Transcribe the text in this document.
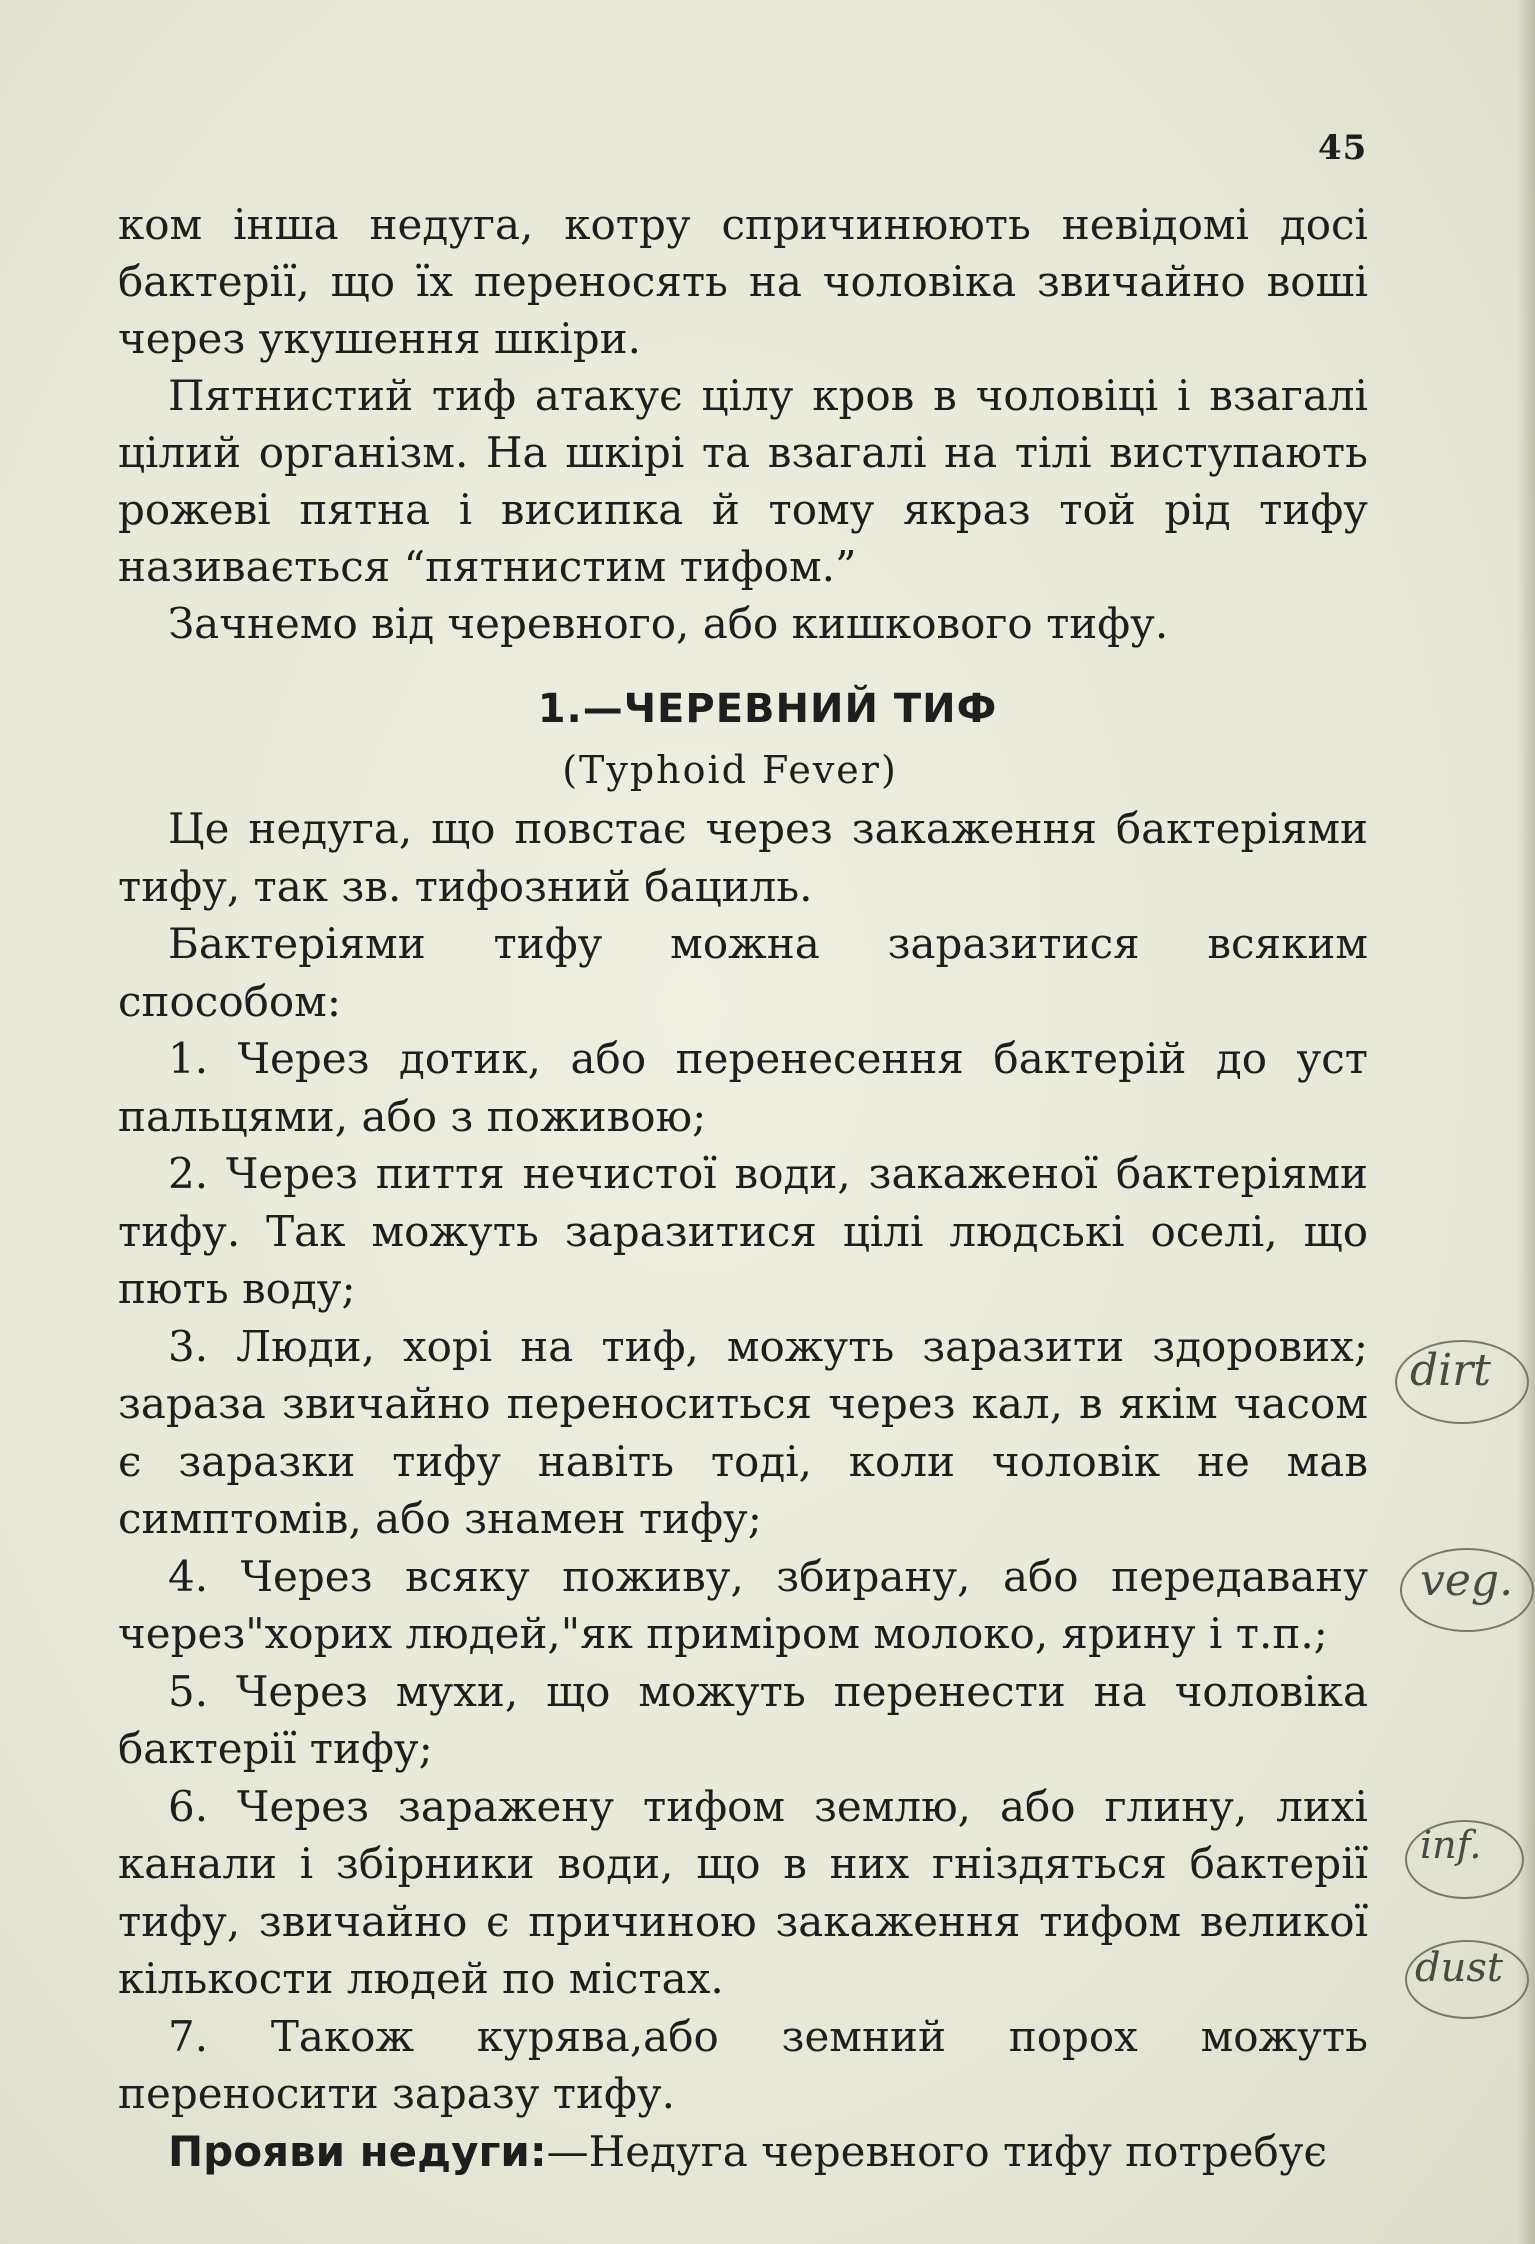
45

ком інша недуга, котру спричинюють невідомі досі бактерії, що їх переносять на чоловіка звичайно воші через укушення шкіри.

Пятнистий тиф атакує цілу кров в чоловіці і взагалі цілий організм. На шкірі та взагалі на тілі виступають рожеві пятна і висипка й тому якраз той рід тифу називається “пятнистим тифом.”

Зачнемо від черевного, або кишкового тифу.

1.—ЧЕРЕВНИЙ ТИФ
(Typhoid Fever)

Це недуга, що повстає через закаження бактеріями тифу, так зв. тифозний бациль.

Бактеріями тифу можна заразитися всяким способом:

1. Через дотик, або перенесення бактерій до уст пальцями, або з поживою;

2. Через пиття нечистої води, закаженої бактеріями тифу. Так можуть заразитися цілі людські оселі, що пють воду;

3. Люди, хорі на тиф, можуть заразити здорових; зараза звичайно переноситься через кал, в якім часом є заразки тифу навіть тоді, коли чоловік не мав симптомів, або знамен тифу;

4. Через всяку поживу, збирану, або передавану через"хорих людей,"як приміром молоко, ярину і т.п.;

5. Через мухи, що можуть перенести на чоловіка бактерії тифу;

6. Через заражену тифом землю, або глину, лихі канали і збірники води, що в них гніздяться бактерії тифу, звичайно є причиною закаження тифом великої кількости людей по містах.

7. Також курява,або земний порох можуть переносити заразу тифу.

Прояви недуги:—Недуга черевного тифу потребує

dirt
veg.
inf.
dust
